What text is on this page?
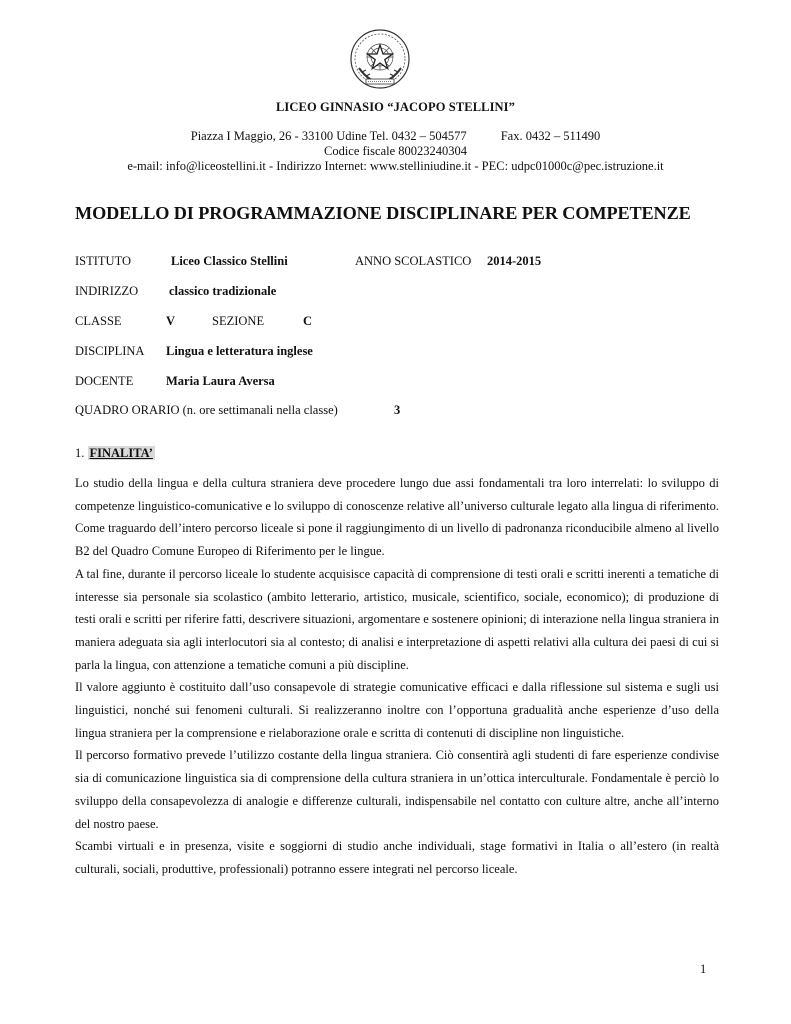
LICEO GINNASIO “JACOPO STELLINI”
Piazza I Maggio, 26 - 33100 Udine Tel. 0432 – 504577	Fax. 0432 – 511490
Codice fiscale 80023240304
e-mail: info@liceostellini.it - Indirizzo Internet: www.stelliniudine.it - PEC: udpc01000c@pec.istruzione.it
MODELLO DI PROGRAMMAZIONE DISCIPLINARE PER COMPETENZE
ISTITUTO	Liceo Classico Stellini	ANNO SCOLASTICO 2014-2015
INDIRIZZO classico tradizionale
CLASSE	V	SEZIONE	C
DISCIPLINA Lingua e letteratura inglese
DOCENTE	Maria Laura Aversa
QUADRO ORARIO (n. ore settimanali nella classe)	3
1. FINALITA’

Lo studio della lingua e della cultura straniera deve procedere lungo due assi fondamentali tra loro interrelati: lo sviluppo di competenze linguistico-comunicative e lo sviluppo di conoscenze relative all’universo culturale legato alla lingua di riferimento. Come traguardo dell’intero percorso liceale si pone il raggiungimento di un livello di padronanza riconducibile almeno al livello B2 del Quadro Comune Europeo di Riferimento per le lingue.

A tal fine, durante il percorso liceale lo studente acquisisce capacità di comprensione di testi orali e scritti inerenti a tematiche di interesse sia personale sia scolastico (ambito letterario, artistico, musicale, scientifico, sociale, economico); di produzione di testi orali e scritti per riferire fatti, descrivere situazioni, argomentare e sostenere opinioni; di interazione nella lingua straniera in maniera adeguata sia agli interlocutori sia al contesto; di analisi e interpretazione di aspetti relativi alla cultura dei paesi di cui si parla la lingua, con attenzione a tematiche comuni a più discipline.

Il valore aggiunto è costituito dall’uso consapevole di strategie comunicative efficaci e dalla riflessione sul sistema e sugli usi linguistici, nonché sui fenomeni culturali. Si realizzeranno inoltre con l’opportuna gradualità anche esperienze d’uso della lingua straniera per la comprensione e rielaborazione orale e scritta di contenuti di discipline non linguistiche.

Il percorso formativo prevede l’utilizzo costante della lingua straniera. Ciò consentirà agli studenti di fare esperienze condivise sia di comunicazione linguistica sia di comprensione della cultura straniera in un’ottica interculturale. Fondamentale è perciò lo sviluppo della consapevolezza di analogie e differenze culturali, indispensabile nel contatto con culture altre, anche all’interno del nostro paese.

Scambi virtuali e in presenza, visite e soggiorni di studio anche individuali, stage formativi in Italia o all’estero (in realtà culturali, sociali, produttive, professionali) potranno essere integrati nel percorso liceale.

1
